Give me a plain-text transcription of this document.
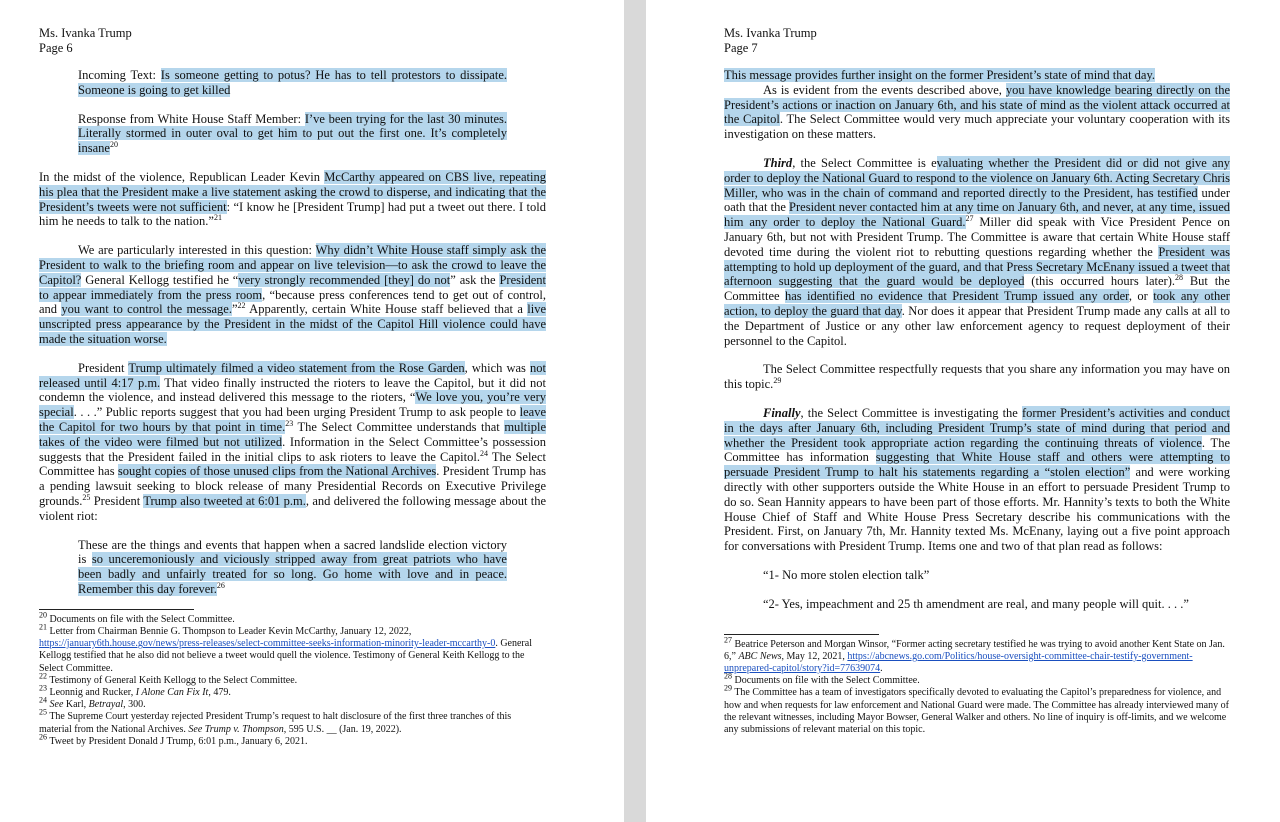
Ms. Ivanka Trump
Page 6

Incoming Text: Is someone getting to potus? He has to tell protestors to dissipate. Someone is going to get killed

Response from White House Staff Member: I’ve been trying for the last 30 minutes. Literally stormed in outer oval to get him to put out the first one. It’s completely insane$^{20}$

In the midst of the violence, Republican Leader Kevin McCarthy appeared on CBS live, repeating his plea that the President make a live statement asking the crowd to disperse, and indicating that the President’s tweets were not sufficient: “I know he [President Trump] had put a tweet out there. I told him he needs to talk to the nation.”$^{21}$

We are particularly interested in this question: Why didn’t White House staff simply ask the President to walk to the briefing room and appear on live television—to ask the crowd to leave the Capitol? General Kellogg testified he “very strongly recommended [they] do not” ask the President to appear immediately from the press room, “because press conferences tend to get out of control, and you want to control the message.”$^{22}$ Apparently, certain White House staff believed that a live unscripted press appearance by the President in the midst of the Capitol Hill violence could have made the situation worse.

President Trump ultimately filmed a video statement from the Rose Garden, which was not released until 4:17 p.m. That video finally instructed the rioters to leave the Capitol, but it did not condemn the violence, and instead delivered this message to the rioters, “We love you, you’re very special. . . .” Public reports suggest that you had been urging President Trump to ask people to leave the Capitol for two hours by that point in time.$^{23}$ The Select Committee understands that multiple takes of the video were filmed but not utilized. Information in the Select Committee’s possession suggests that the President failed in the initial clips to ask rioters to leave the Capitol.$^{24}$ The Select Committee has sought copies of those unused clips from the National Archives. President Trump has a pending lawsuit seeking to block release of many Presidential Records on Executive Privilege grounds.$^{25}$ President Trump also tweeted at 6:01 p.m., and delivered the following message about the violent riot:

These are the things and events that happen when a sacred landslide election victory is so unceremoniously and viciously stripped away from great patriots who have been badly and unfairly treated for so long. Go home with love and in peace. Remember this day forever.$^{26}$

$^{20}$ Documents on file with the Select Committee.

$^{21}$ Letter from Chairman Bennie G. Thompson to Leader Kevin McCarthy, January 12, 2022,
https://january6th.house.gov/news/press-releases/select-committee-seeks-information-minority-leader-mccarthy-0. General Kellogg testified that he also did not believe a tweet would quell the violence. Testimony of General Keith Kellogg to the Select Committee.

$^{22}$ Testimony of General Keith Kellogg to the Select Committee.

$^{23}$ Leonnig and Rucker, I Alone Can Fix It, 479.

$^{24}$ See Karl, Betrayal, 300.

$^{25}$ The Supreme Court yesterday rejected President Trump’s request to halt disclosure of the first three tranches of this material from the National Archives. See Trump v. Thompson, 595 U.S. __ (Jan. 19, 2022).

$^{26}$ Tweet by President Donald J Trump, 6:01 p.m., January 6, 2021.

Ms. Ivanka Trump
Page 7

This message provides further insight on the former President’s state of mind that day.

As is evident from the events described above, you have knowledge bearing directly on the President’s actions or inaction on January 6th, and his state of mind as the violent attack occurred at the Capitol. The Select Committee would very much appreciate your voluntary cooperation with its investigation on these matters.

Third, the Select Committee is evaluating whether the President did or did not give any order to deploy the National Guard to respond to the violence on January 6th. Acting Secretary Chris Miller, who was in the chain of command and reported directly to the President, has testified under oath that the President never contacted him at any time on January 6th, and never, at any time, issued him any order to deploy the National Guard.$^{27}$ Miller did speak with Vice President Pence on January 6th, but not with President Trump. The Committee is aware that certain White House staff devoted time during the violent riot to rebutting questions regarding whether the President was attempting to hold up deployment of the guard, and that Press Secretary McEnany issued a tweet that afternoon suggesting that the guard would be deployed (this occurred hours later).$^{28}$ But the Committee has identified no evidence that President Trump issued any order, or took any other action, to deploy the guard that day. Nor does it appear that President Trump made any calls at all to the Department of Justice or any other law enforcement agency to request deployment of their personnel to the Capitol.

The Select Committee respectfully requests that you share any information you may have on this topic.$^{29}$

Finally, the Select Committee is investigating the former President’s activities and conduct in the days after January 6th, including President Trump’s state of mind during that period and whether the President took appropriate action regarding the continuing threats of violence. The Committee has information suggesting that White House staff and others were attempting to persuade President Trump to halt his statements regarding a “stolen election” and were working directly with other supporters outside the White House in an effort to persuade President Trump to do so. Sean Hannity appears to have been part of those efforts. Mr. Hannity’s texts to both the White House Chief of Staff and White House Press Secretary describe his communications with the President. First, on January 7th, Mr. Hannity texted Ms. McEnany, laying out a five point approach for conversations with President Trump. Items one and two of that plan read as follows:

“1- No more stolen election talk”

“2- Yes, impeachment and 25 th amendment are real, and many people will quit. . . .”

$^{27}$ Beatrice Peterson and Morgan Winsor, “Former acting secretary testified he was trying to avoid another Kent State on Jan. 6,” ABC News, May 12, 2021, https://abcnews.go.com/Politics/house-oversight-committee-chair-testify-government-unprepared-capitol/story?id=77639074.

$^{28}$ Documents on file with the Select Committee.

$^{29}$ The Committee has a team of investigators specifically devoted to evaluating the Capitol’s preparedness for violence, and how and when requests for law enforcement and National Guard were made. The Committee has already interviewed many of the relevant witnesses, including Mayor Bowser, General Walker and others. No line of inquiry is off-limits, and we welcome any submissions of relevant material on this topic.
